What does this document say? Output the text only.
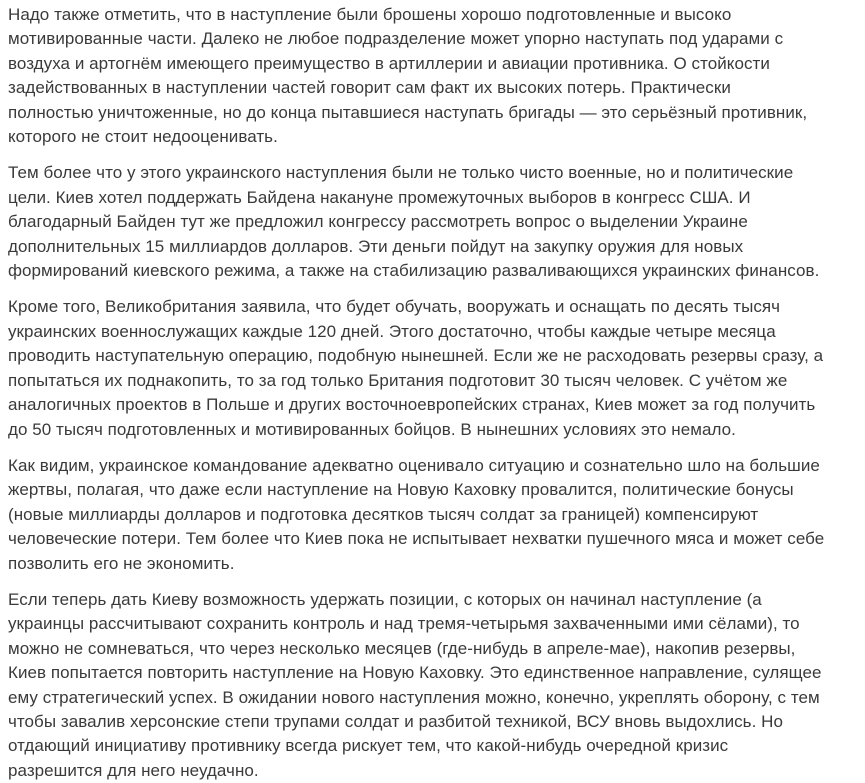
Надо также отметить, что в наступление были брошены хорошо подготовленные и высоко
мотивированные части. Далеко не любое подразделение может упорно наступать под ударами с
воздуха и артогнём имеющего преимущество в артиллерии и авиации противника. О стойкости
задействованных в наступлении частей говорит сам факт их высоких потерь. Практически
полностью уничтоженные, но до конца пытавшиеся наступать бригады — это серьёзный противник,
которого не стоит недооценивать.

Тем более что у этого украинского наступления были не только чисто военные, но и политические
цели. Киев хотел поддержать Байдена накануне промежуточных выборов в конгресс США. И
благодарный Байден тут же предложил конгрессу рассмотреть вопрос о выделении Украине
дополнительных 15 миллиардов долларов. Эти деньги пойдут на закупку оружия для новых
формирований киевского режима, а также на стабилизацию разваливающихся украинских финансов.

Кроме того, Великобритания заявила, что будет обучать, вооружать и оснащать по десять тысяч
украинских военнослужащих каждые 120 дней. Этого достаточно, чтобы каждые четыре месяца
проводить наступательную операцию, подобную нынешней. Если же не расходовать резервы сразу, а
попытаться их поднакопить, то за год только Британия подготовит 30 тысяч человек. С учётом же
аналогичных проектов в Польше и других восточноевропейских странах, Киев может за год получить
до 50 тысяч подготовленных и мотивированных бойцов. В нынешних условиях это немало.

Как видим, украинское командование адекватно оценивало ситуацию и сознательно шло на большие
жертвы, полагая, что даже если наступление на Новую Каховку провалится, политические бонусы
(новые миллиарды долларов и подготовка десятков тысяч солдат за границей) компенсируют
человеческие потери. Тем более что Киев пока не испытывает нехватки пушечного мяса и может себе
позволить его не экономить.

Если теперь дать Киеву возможность удержать позиции, с которых он начинал наступление (а
украинцы рассчитывают сохранить контроль и над тремя-четырьмя захваченными ими сёлами), то
можно не сомневаться, что через несколько месяцев (где-нибудь в апреле-мае), накопив резервы,
Киев попытается повторить наступление на Новую Каховку. Это единственное направление, сулящее
ему стратегический успех. В ожидании нового наступления можно, конечно, укреплять оборону, с тем
чтобы завалив херсонские степи трупами солдат и разбитой техникой, ВСУ вновь выдохлись. Но
отдающий инициативу противнику всегда рискует тем, что какой-нибудь очередной кризис
разрешится для него неудачно.
